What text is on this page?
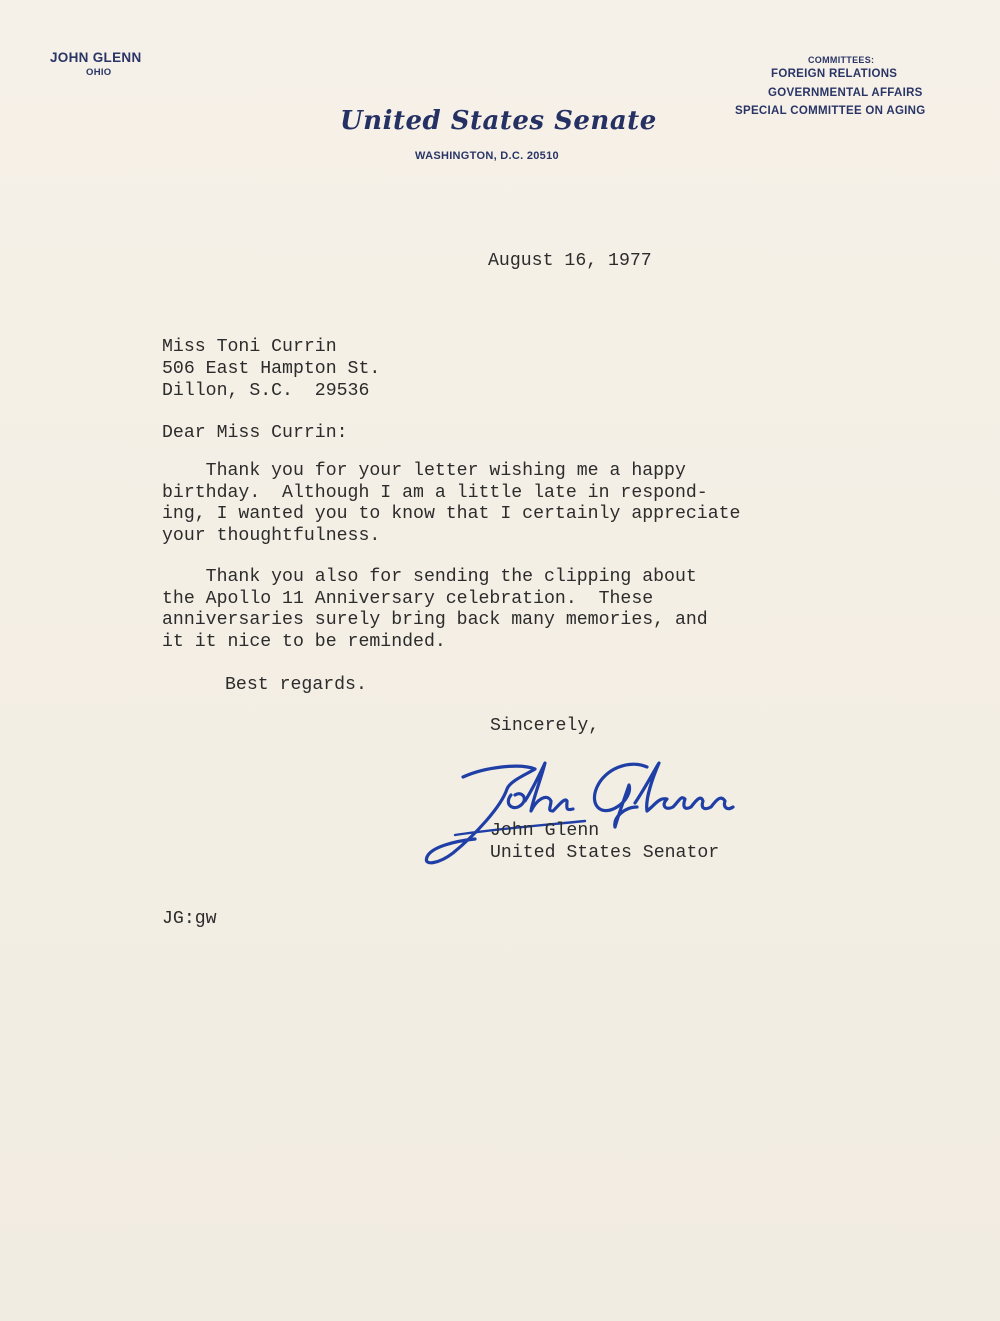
JOHN GLENN
OHIO
COMMITTEES:
FOREIGN RELATIONS
GOVERNMENTAL AFFAIRS
SPECIAL COMMITTEE ON AGING
United States Senate
WASHINGTON, D.C. 20510
August 16, 1977
Miss Toni Currin
506 East Hampton St.
Dillon, S.C.  29536
Dear Miss Currin:
Thank you for your letter wishing me a happy
birthday.  Although I am a little late in respond-
ing, I wanted you to know that I certainly appreciate
your thoughtfulness.
Thank you also for sending the clipping about
the Apollo 11 Anniversary celebration.  These
anniversaries surely bring back many memories, and
it it nice to be reminded.
Best regards.
Sincerely,
John Glenn
United States Senator
JG:gw
